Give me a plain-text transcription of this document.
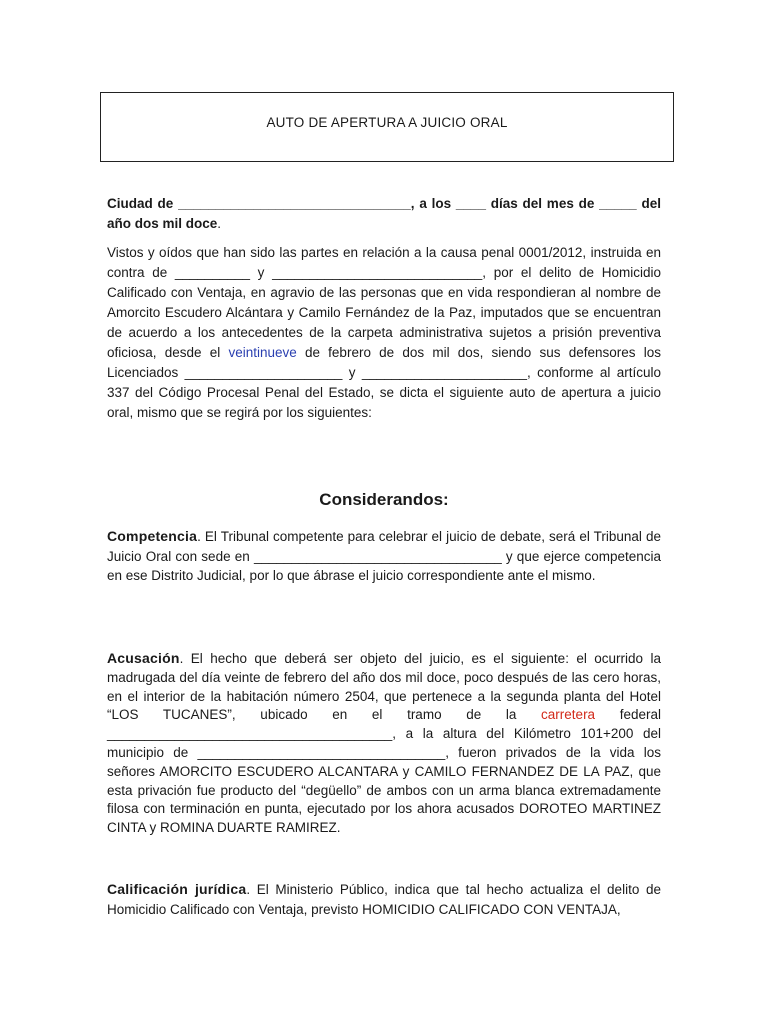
AUTO DE APERTURA A JUICIO ORAL
Ciudad de _______________________________, a los ____ días del mes de _____ del año dos mil doce.

Vistos y oídos que han sido las partes en relación a la causa penal 0001/2012, instruida en contra de __________ y ____________________________, por el delito de Homicidio Calificado con Ventaja, en agravio de las personas que en vida respondieran al nombre de Amorcito Escudero Alcántara y Camilo Fernández de la Paz, imputados que se encuentran de acuerdo a los antecedentes de la carpeta administrativa sujetos a prisión preventiva oficiosa, desde el veintinueve de febrero de dos mil dos, siendo sus defensores los Licenciados _____________________ y ______________________, conforme al artículo 337 del Código Procesal Penal del Estado, se dicta el siguiente auto de apertura a juicio oral, mismo que se regirá por los siguientes:

Considerandos:

Competencia. El Tribunal competente para celebrar el juicio de debate, será el Tribunal de Juicio Oral con sede en _________________________________ y que ejerce competencia en ese Distrito Judicial, por lo que ábrase el juicio correspondiente ante el mismo.

Acusación. El hecho que deberá ser objeto del juicio, es el siguiente: el ocurrido la madrugada del día veinte de febrero del año dos mil doce, poco después de las cero horas, en el interior de la habitación número 2504, que pertenece a la segunda planta del Hotel “LOS TUCANES”, ubicado en el tramo de la carretera federal ______________________________________, a la altura del Kilómetro 101+200 del municipio de _________________________________, fueron privados de la vida los señores AMORCITO ESCUDERO ALCANTARA y CAMILO FERNANDEZ DE LA PAZ, que esta privación fue producto del “degüello” de ambos con un arma blanca extremadamente filosa con terminación en punta, ejecutado por los ahora acusados DOROTEO MARTINEZ CINTA y ROMINA DUARTE RAMIREZ.

Calificación jurídica. El Ministerio Público, indica que tal hecho actualiza el delito de Homicidio Calificado con Ventaja, previsto HOMICIDIO CALIFICADO CON VENTAJA,
